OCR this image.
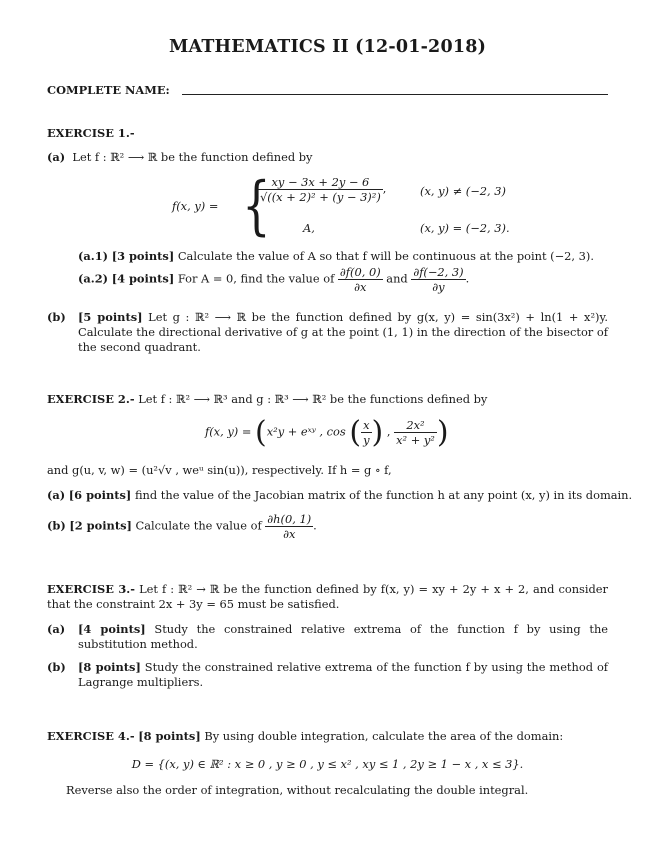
MATHEMATICS II (12-01-2018)
COMPLETE NAME:
EXERCISE 1.-
(a) Let f : ℝ² ⟶ ℝ be the function defined by
f(x, y) = {
$\frac{xy - 3x + 2y - 6}{\text{√((x + 2)² + (y − 3)²)}}$ ,	(x, y) ≠ (−2, 3)
A,	(x, y) = (−2, 3).
(a.1) [3 points] Calculate the value of A so that f will be continuous at the point (−2, 3).
(a.2) [4 points] For A = 0, find the value of $\frac{\partial f(0, 0)}{\partial x}$ and $\frac{\partial f(-2, 3)}{\partial y}$ .
(b) [5 points] Let g : ℝ² ⟶ ℝ be the function defined by g(x, y) = sin(3x²) + ln(1 + x²)y. Calculate the directional derivative of g at the point (1, 1) in the direction of the bisector of the second quadrant.
EXERCISE 2.- Let f : ℝ² ⟶ ℝ³ and g : ℝ³ ⟶ ℝ² be the functions defined by
f(x, y) = (x²y + eˣʸ , cos ( $\frac{x}{y}$ ) , $\frac{\text{2x²}}{\text{x² + y²}}$ )
and g(u, v, w) = (u²√v , weᵘ sin(u)), respectively. If h = g ∘ f,
(a) [6 points] find the value of the Jacobian matrix of the function h at any point (x, y) in its domain.
(b) [2 points] Calculate the value of $\frac{\partial h(0, 1)}{\partial x}$ .
EXERCISE 3.- Let f : ℝ² → ℝ be the function defined by f(x, y) = xy + 2y + x + 2, and consider that the constraint 2x + 3y = 65 must be satisfied.
(a) [4 points] Study the constrained relative extrema of the function f by using the substitution method.
(b) [8 points] Study the constrained relative extrema of the function f by using the method of Lagrange multipliers.
EXERCISE 4.- [8 points] By using double integration, calculate the area of the domain:
D = {(x, y) ∈ ℝ² : x ≥ 0 , y ≥ 0 , y ≤ x² , xy ≤ 1 , 2y ≥ 1 − x , x ≤ 3}.
Reverse also the order of integration, without recalculating the double integral.
